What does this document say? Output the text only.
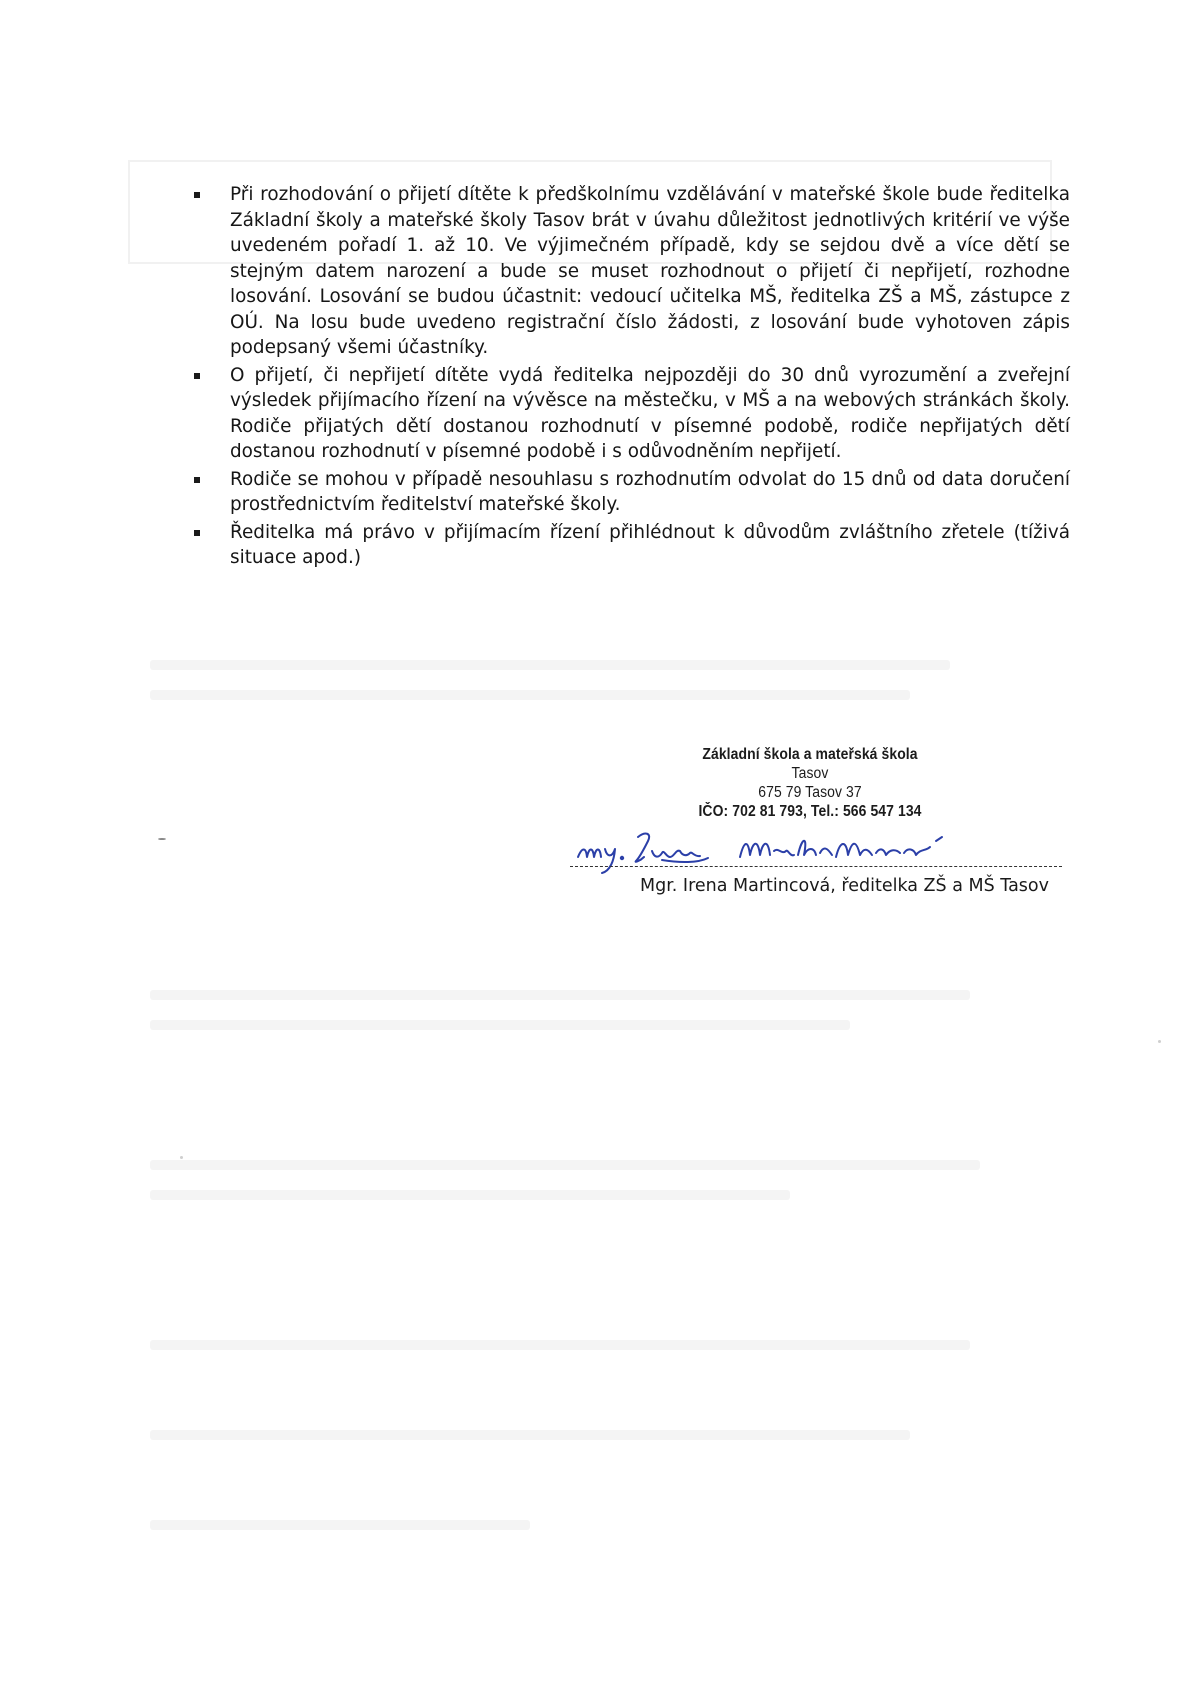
Při rozhodování o přijetí dítěte k předškolnímu vzdělávání v mateřské škole bude ředitelka Základní školy a mateřské školy Tasov brát v úvahu důležitost jednotlivých kritérií ve výše uvedeném pořadí 1. až 10. Ve výjimečném případě, kdy se sejdou dvě a více dětí se stejným datem narození a bude se muset rozhodnout o přijetí či nepřijetí, rozhodne losování. Losování se budou účastnit: vedoucí učitelka MŠ, ředitelka ZŠ a MŠ, zástupce z OÚ. Na losu bude uvedeno registrační číslo žádosti, z losování bude vyhotoven zápis podepsaný všemi účastníky.
O přijetí, či nepřijetí dítěte vydá ředitelka nejpozději do 30 dnů vyrozumění a zveřejní výsledek přijímacího řízení na vývěsce na městečku, v MŠ a na webových stránkách školy. Rodiče přijatých dětí dostanou rozhodnutí v písemné podobě, rodiče nepřijatých dětí dostanou rozhodnutí v písemné podobě i s odůvodněním nepřijetí.
Rodiče se mohou v případě nesouhlasu s rozhodnutím odvolat do 15 dnů od data doručení prostřednictvím ředitelství mateřské školy.
Ředitelka má právo v přijímacím řízení přihlédnout k důvodům zvláštního zřetele (tíživá situace apod.)
Základní škola a mateřská škola
Tasov
675 79 Tasov 37
IČO: 702 81 793, Tel.: 566 547 134
Mgr. Irena Martincová, ředitelka ZŠ a MŠ Tasov
